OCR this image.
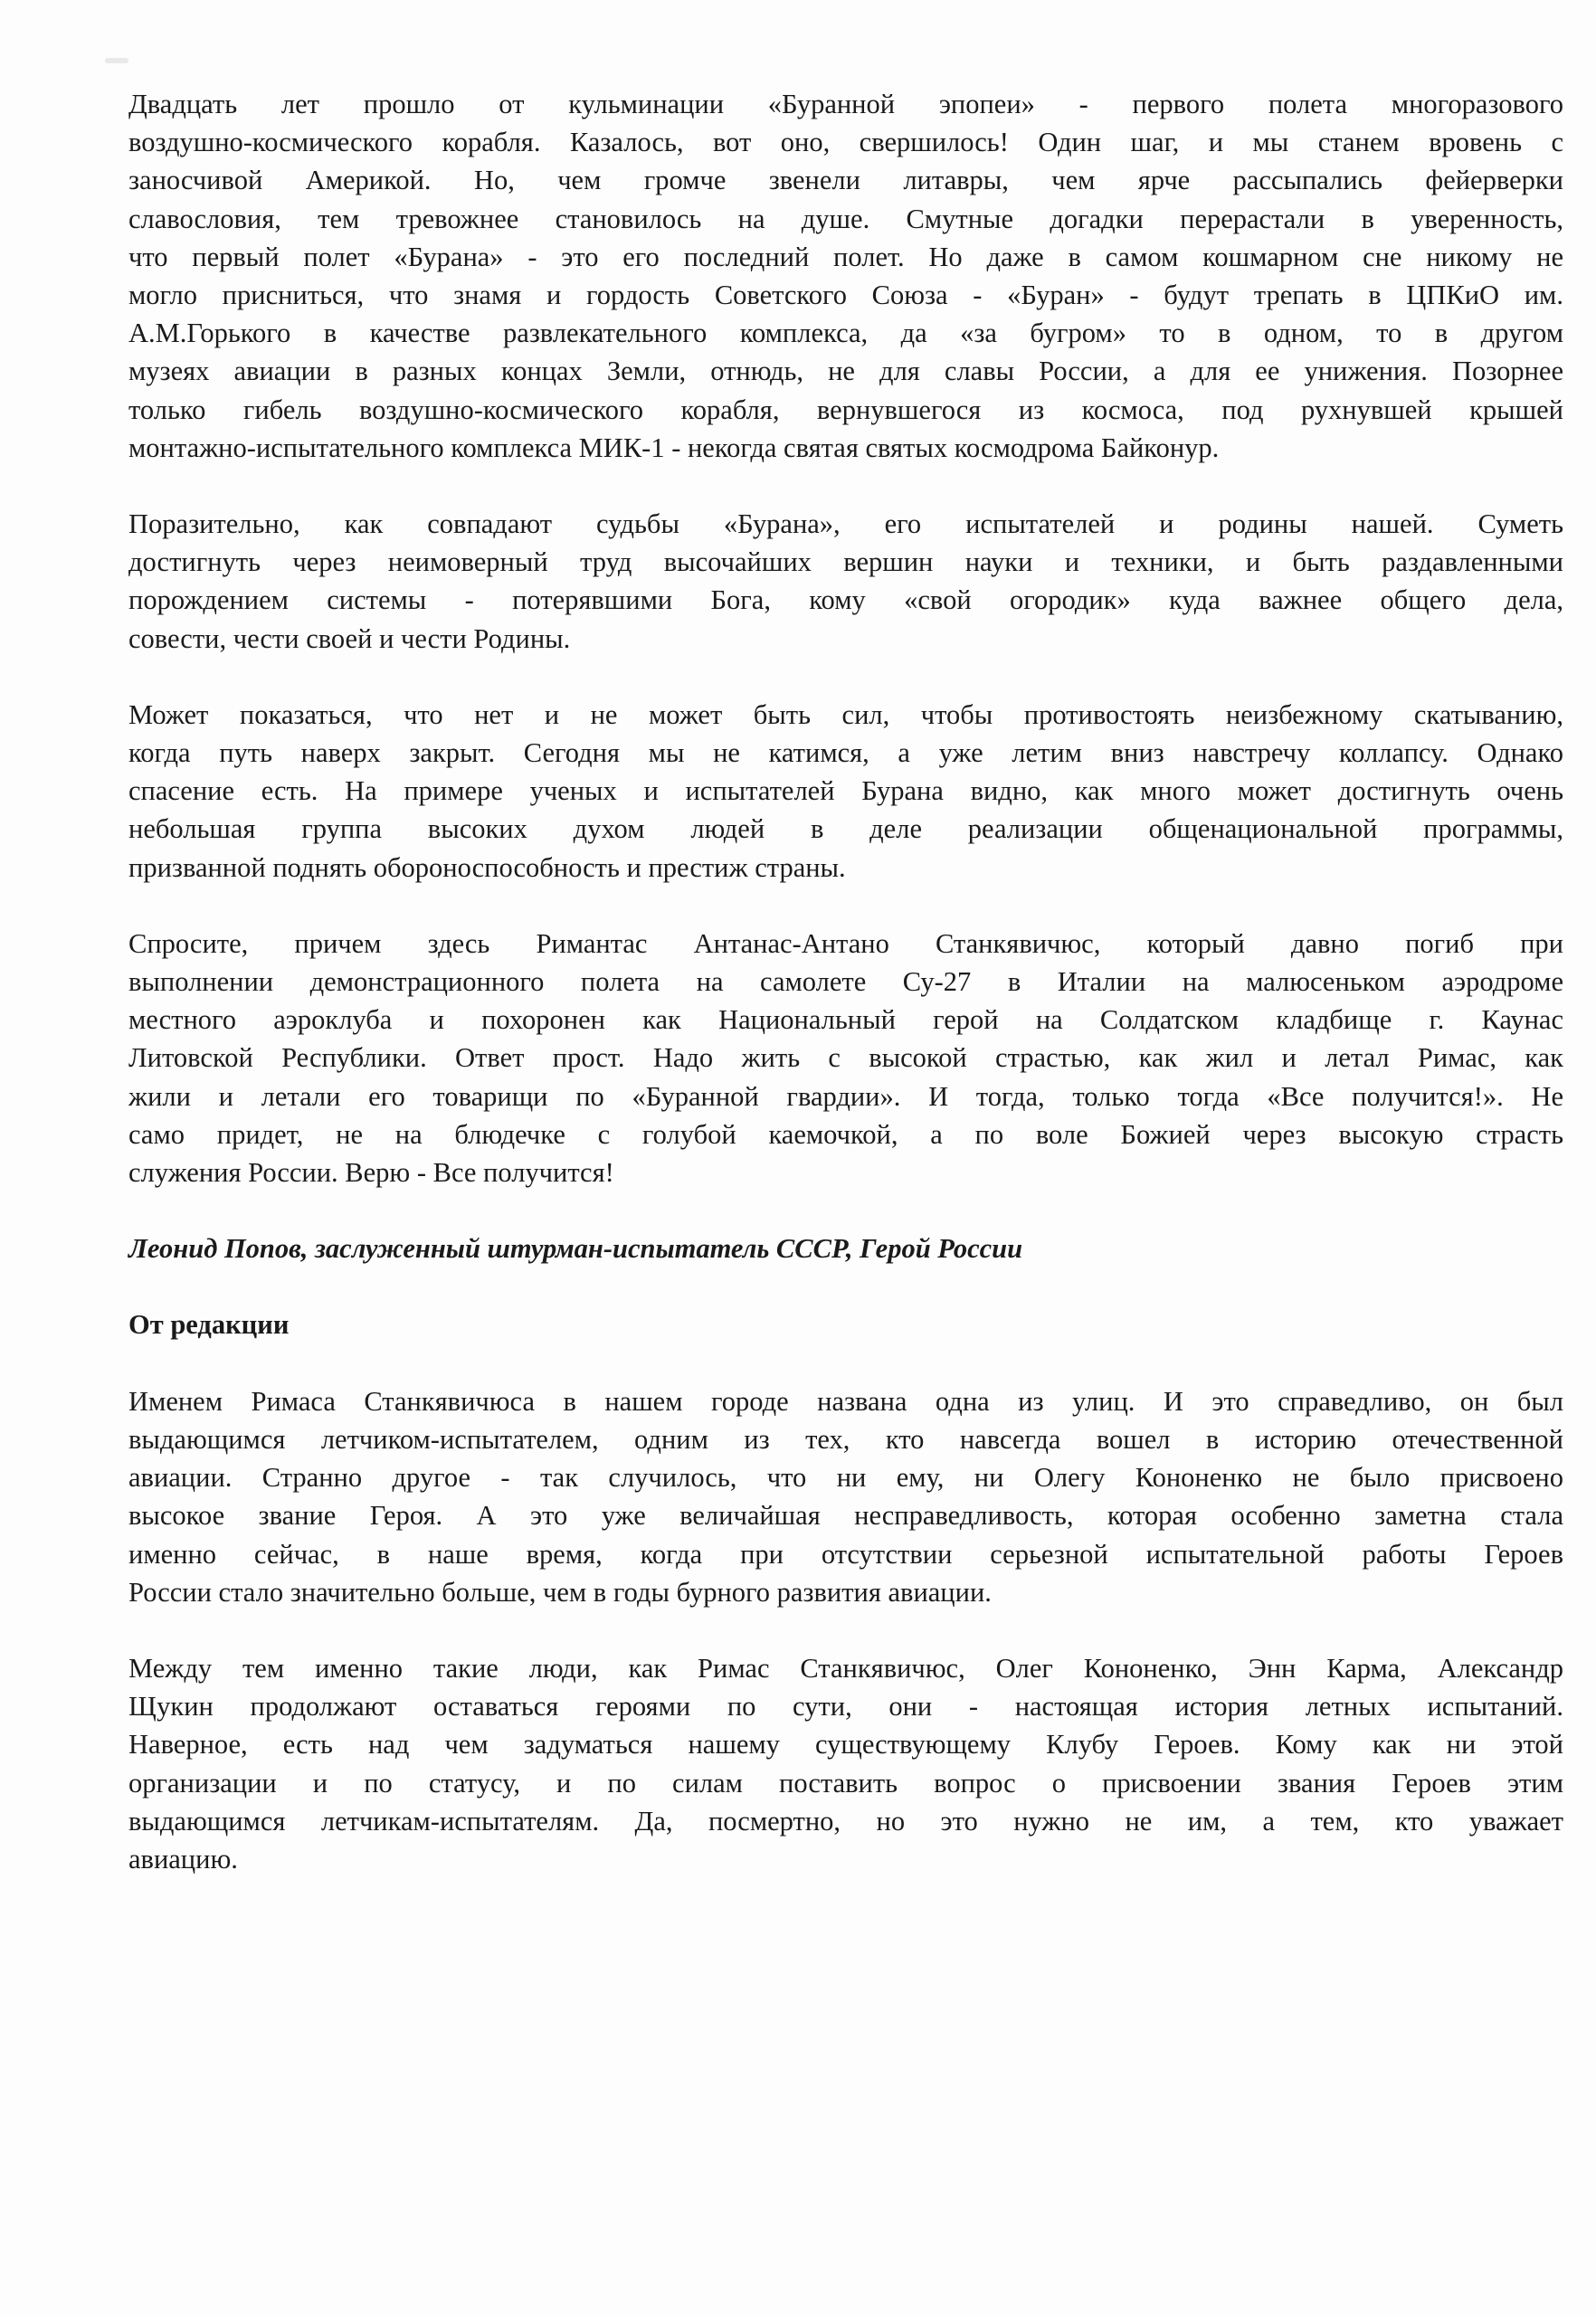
Двадцать лет прошло от кульминации «Буранной эпопеи» - первого полета многоразового
воздушно-космического корабля. Казалось, вот оно, свершилось! Один шаг, и мы станем вровень с
заносчивой Америкой. Но, чем громче звенели литавры, чем ярче рассыпались фейерверки
славословия, тем тревожнее становилось на душе. Смутные догадки перерастали в уверенность,
что первый полет «Бурана» - это его последний полет. Но даже в самом кошмарном сне никому не
могло присниться, что знамя и гордость Советского Союза - «Буран» - будут трепать в ЦПКиО им.
А.М.Горького в качестве развлекательного комплекса, да «за бугром» то в одном, то в другом
музеях авиации в разных концах Земли, отнюдь, не для славы России, а для ее унижения. Позорнее
только гибель воздушно-космического корабля, вернувшегося из космоса, под рухнувшей крышей
монтажно-испытательного комплекса МИК-1 - некогда святая святых космодрома Байконур.
Поразительно, как совпадают судьбы «Бурана», его испытателей и родины нашей. Суметь
достигнуть через неимоверный труд высочайших вершин науки и техники, и быть раздавленными
порождением системы - потерявшими Бога, кому «свой огородик» куда важнее общего дела,
совести, чести своей и чести Родины.
Может показаться, что нет и не может быть сил, чтобы противостоять неизбежному скатыванию,
когда путь наверх закрыт. Сегодня мы не катимся, а уже летим вниз навстречу коллапсу. Однако
спасение есть. На примере ученых и испытателей Бурана видно, как много может достигнуть очень
небольшая группа высоких духом людей в деле реализации общенациональной программы,
призванной поднять обороноспособность и престиж страны.
Спросите, причем здесь Римантас Антанас-Антано Станкявичюс, который давно погиб при
выполнении демонстрационного полета на самолете Су-27 в Италии на малюсеньком аэродроме
местного аэроклуба и похоронен как Национальный герой на Солдатском кладбище г. Каунас
Литовской Республики. Ответ прост. Надо жить с высокой страстью, как жил и летал Римас, как
жили и летали его товарищи по «Буранной гвардии». И тогда, только тогда «Все получится!». Не
само придет, не на блюдечке с голубой каемочкой, а по воле Божией через высокую страсть
служения России. Верю - Все получится!
Леонид Попов, заслуженный штурман-испытатель СССР, Герой России
От редакции
Именем Римаса Станкявичюса в нашем городе названа одна из улиц. И это справедливо, он был
выдающимся летчиком-испытателем, одним из тех, кто навсегда вошел в историю отечественной
авиации. Странно другое - так случилось, что ни ему, ни Олегу Кононенко не было присвоено
высокое звание Героя. А это уже величайшая несправедливость, которая особенно заметна стала
именно сейчас, в наше время, когда при отсутствии серьезной испытательной работы Героев
России стало значительно больше, чем в годы бурного развития авиации.
Между тем именно такие люди, как Римас Станкявичюс, Олег Кононенко, Энн Карма, Александр
Щукин продолжают оставаться героями по сути, они - настоящая история летных испытаний.
Наверное, есть над чем задуматься нашему существующему Клубу Героев. Кому как ни этой
организации и по статусу, и по силам поставить вопрос о присвоении звания Героев этим
выдающимся летчикам-испытателям. Да, посмертно, но это нужно не им, а тем, кто уважает
авиацию.
